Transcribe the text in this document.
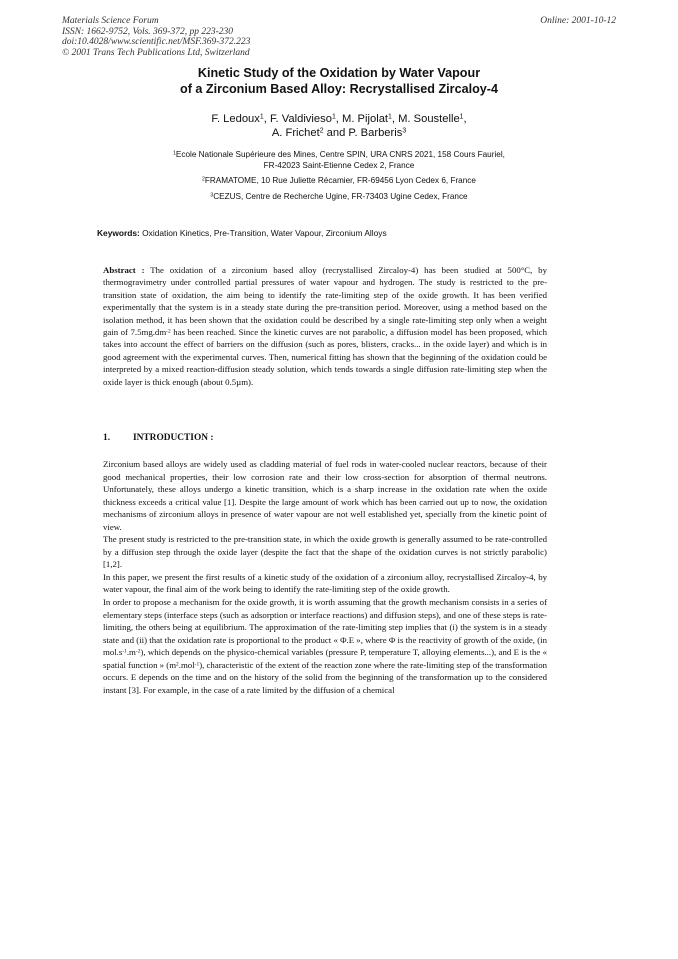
Materials Science Forum
ISSN: 1662-9752, Vols. 369-372, pp 223-230
doi:10.4028/www.scientific.net/MSF.369-372.223
© 2001 Trans Tech Publications Ltd, Switzerland
Online: 2001-10-12
Kinetic Study of the Oxidation by Water Vapour
of a Zirconium Based Alloy: Recrystallised Zircaloy-4
F. Ledoux$^1$, F. Valdivieso$^1$, M. Pijolat$^1$, M. Soustelle$^1$,
A. Frichet$^2$ and P. Barberis$^3$
$^1$Ecole Nationale Supérieure des Mines, Centre SPIN, URA CNRS 2021, 158 Cours Fauriel,
FR-42023 Saint-Etienne Cedex 2, France
$^2$FRAMATOME, 10 Rue Juliette Récamier, FR-69456 Lyon Cedex 6, France
$^3$CEZUS, Centre de Recherche Ugine, FR-73403 Ugine Cedex, France
Keywords: Oxidation Kinetics, Pre-Transition, Water Vapour, Zirconium Alloys
Abstract : The oxidation of a zirconium based alloy (recrystallised Zircaloy-4) has been studied at 500°C, by thermogravimetry under controlled partial pressures of water vapour and hydrogen. The study is restricted to the pre-transition state of oxidation, the aim being to identify the rate-limiting step of the oxide growth. It has been verified experimentally that the system is in a steady state during the pre-transition period. Moreover, using a method based on the isolation method, it has been shown that the oxidation could be described by a single rate-limiting step only when a weight gain of $7.5mg.dm^{-2}$ has been reached. Since the kinetic curves are not parabolic, a diffusion model has been proposed, which takes into account the effect of barriers on the diffusion (such as pores, blisters, cracks... in the oxide layer) and which is in good agreement with the experimental curves. Then, numerical fitting has shown that the beginning of the oxidation could be interpreted by a mixed reaction-diffusion steady solution, which tends towards a single diffusion rate-limiting step when the oxide layer is thick enough (about 0.5µm).
1. INTRODUCTION :

Zirconium based alloys are widely used as cladding material of fuel rods in water-cooled nuclear reactors, because of their good mechanical properties, their low corrosion rate and their low cross-section for absorption of thermal neutrons. Unfortunately, these alloys undergo a kinetic transition, which is a sharp increase in the oxidation rate when the oxide thickness exceeds a critical value [1]. Despite the large amount of work which has been carried out up to now, the oxidation mechanisms of zirconium alloys in presence of water vapour are not well established yet, specially from the kinetic point of view.

The present study is restricted to the pre-transition state, in which the oxide growth is generally assumed to be rate-controlled by a diffusion step through the oxide layer (despite the fact that the shape of the oxidation curves is not strictly parabolic) [1,2].

In this paper, we present the first results of a kinetic study of the oxidation of a zirconium alloy, recrystallised Zircaloy-4, by water vapour, the final aim of the work being to identify the rate-limiting step of the oxide growth.

In order to propose a mechanism for the oxide growth, it is worth assuming that the growth mechanism consists in a series of elementary steps (interface steps (such as adsorption or interface reactions) and diffusion steps), and one of these steps is rate-limiting, the others being at equilibrium. The approximation of the rate-limiting step implies that (i) the system is in a steady state and (ii) that the oxidation rate is proportional to the product « Φ.E », where Φ is the reactivity of growth of the oxide, (in $mol.s^{-1}.m^{-2}$), which depends on the physico-chemical variables (pressure P, temperature T, alloying elements...), and E is the « spatial function » $(m^2.mol^{-1})$, characteristic of the extent of the reaction zone where the rate-limiting step of the transformation occurs. E depends on the time and on the history of the solid from the beginning of the transformation up to the considered instant [3]. For example, in the case of a rate limited by the diffusion of a chemical
